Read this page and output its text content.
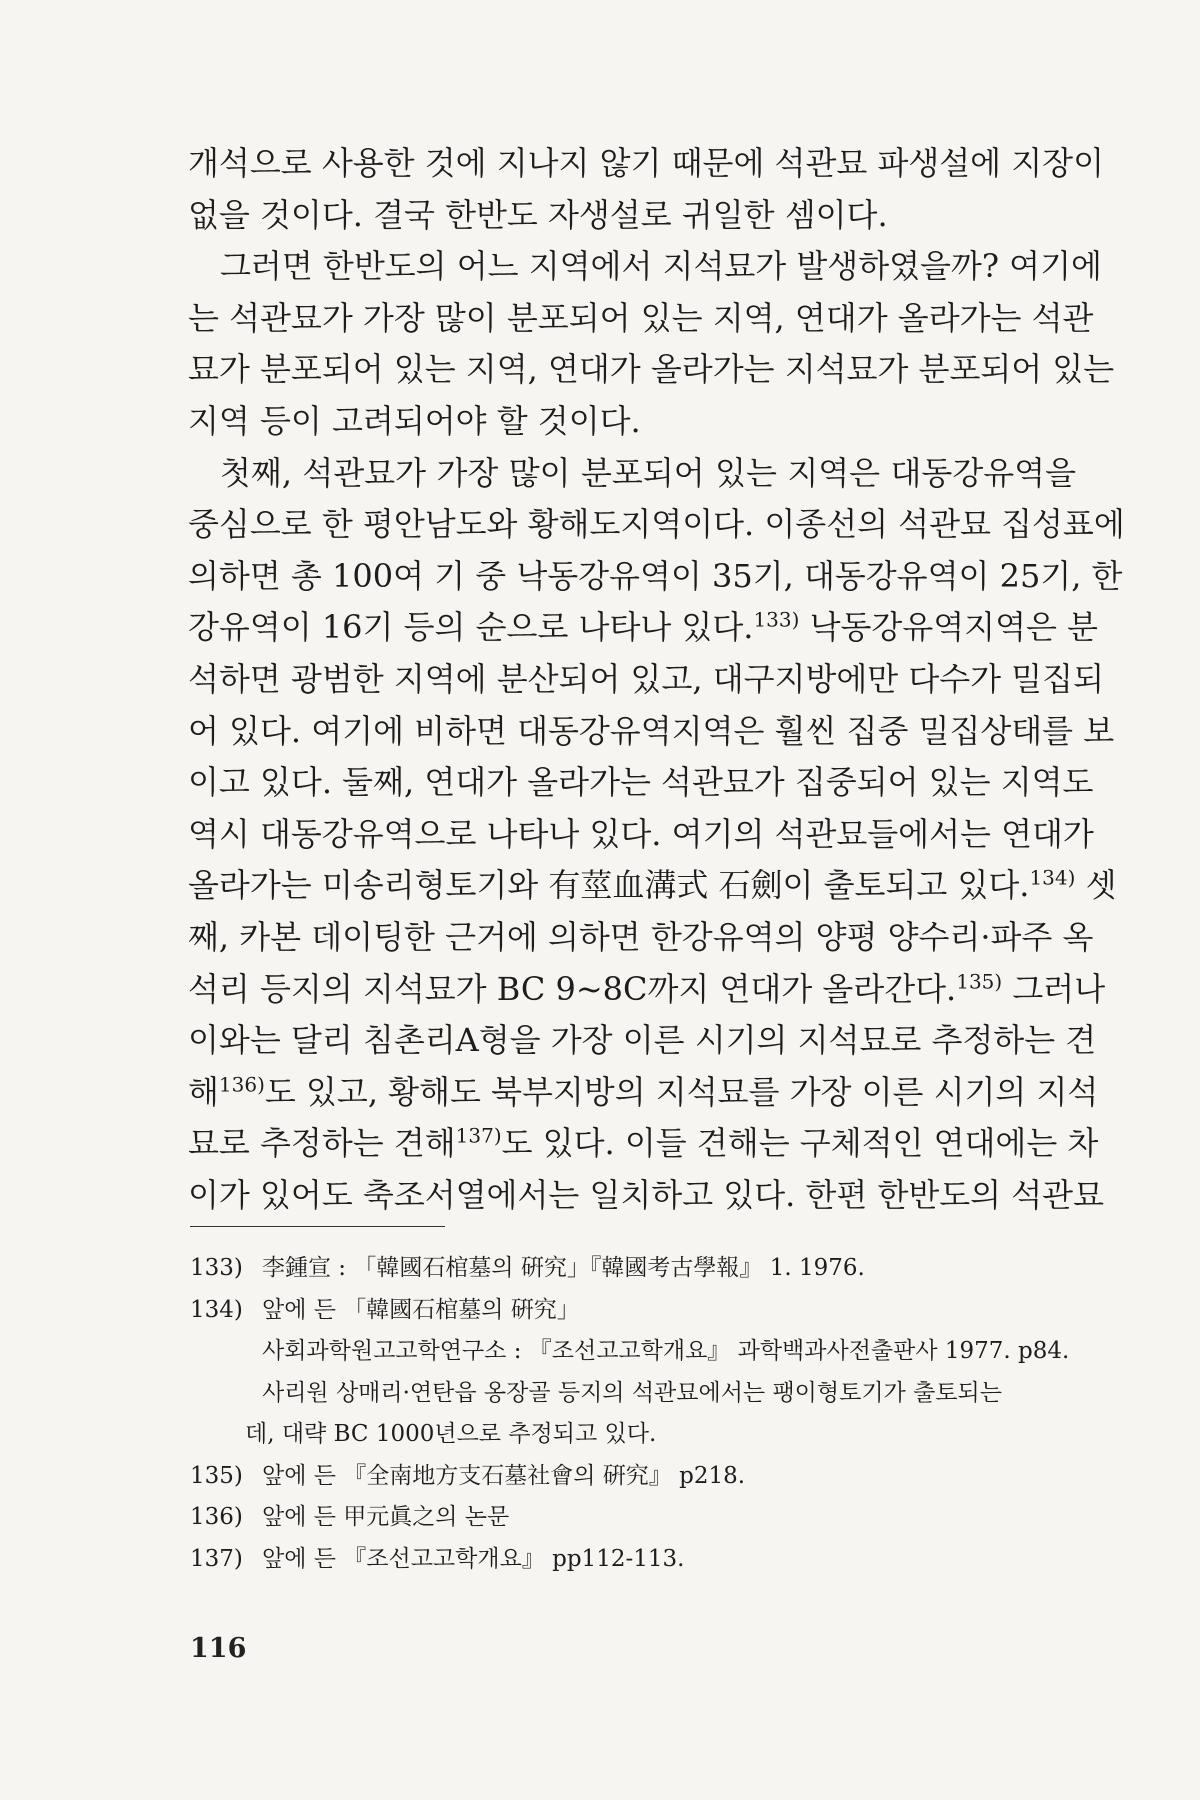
개석으로 사용한 것에 지나지 않기 때문에 석관묘 파생설에 지장이
없을 것이다. 결국 한반도 자생설로 귀일한 셈이다.

그러면 한반도의 어느 지역에서 지석묘가 발생하였을까? 여기에
는 석관묘가 가장 많이 분포되어 있는 지역, 연대가 올라가는 석관
묘가 분포되어 있는 지역, 연대가 올라가는 지석묘가 분포되어 있는
지역 등이 고려되어야 할 것이다.

첫째, 석관묘가 가장 많이 분포되어 있는 지역은 대동강유역을
중심으로 한 평안남도와 황해도지역이다. 이종선의 석관묘 집성표에
의하면 총 100여 기 중 낙동강유역이 35기, 대동강유역이 25기, 한
강유역이 16기 등의 순으로 나타나 있다.$^{133)}$ 낙동강유역지역은 분
석하면 광범한 지역에 분산되어 있고, 대구지방에만 다수가 밀집되
어 있다. 여기에 비하면 대동강유역지역은 훨씬 집중 밀집상태를 보
이고 있다. 둘째, 연대가 올라가는 석관묘가 집중되어 있는 지역도
역시 대동강유역으로 나타나 있다. 여기의 석관묘들에서는 연대가
올라가는 미송리형토기와 有莖血溝式 石劍이 출토되고 있다.$^{134)}$ 셋
째, 카본 데이팅한 근거에 의하면 한강유역의 양평 양수리·파주 옥
석리 등지의 지석묘가 BC 9~8C까지 연대가 올라간다.$^{135)}$ 그러나
이와는 달리 침촌리A형을 가장 이른 시기의 지석묘로 추정하는 견
해$^{136)}$도 있고, 황해도 북부지방의 지석묘를 가장 이른 시기의 지석
묘로 추정하는 견해$^{137)}$도 있다. 이들 견해는 구체적인 연대에는 차
이가 있어도 축조서열에서는 일치하고 있다. 한편 한반도의 석관묘

133) 李鍾宣 : 「韓國石棺墓의 硏究」『韓國考古學報』 1. 1976.
134) 앞에 든 「韓國石棺墓의 硏究」
사회과학원고고학연구소 : 『조선고고학개요』 과학백과사전출판사 1977. p84.
사리원 상매리·연탄읍 옹장골 등지의 석관묘에서는 팽이형토기가 출토되는
데, 대략 BC 1000년으로 추정되고 있다.
135) 앞에 든 『全南地方支石墓社會의 硏究』 p218.
136) 앞에 든 甲元眞之의 논문
137) 앞에 든 『조선고고학개요』 pp112-113.
116
